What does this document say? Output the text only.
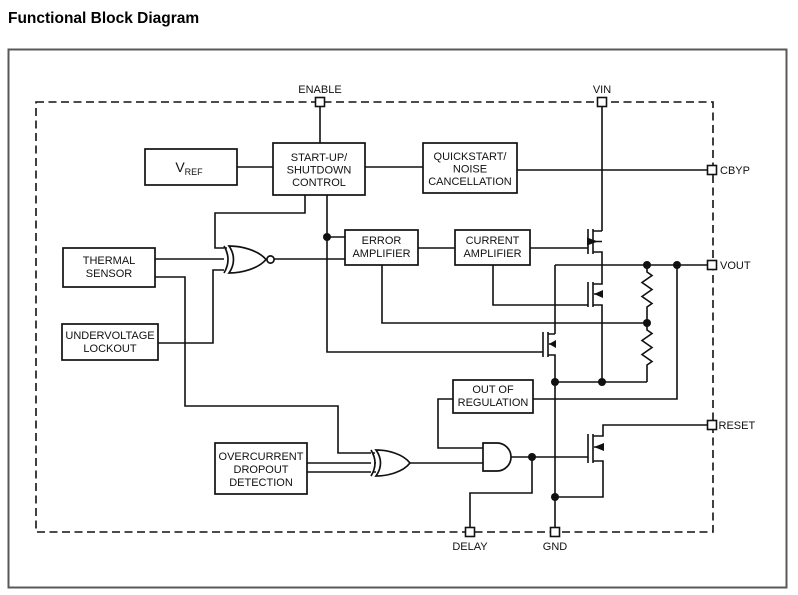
Functional Block Diagram
$V_{REF}$
START-UP/
SHUTDOWN
CONTROL
QUICKSTART/
NOISE
CANCELLATION
THERMAL
SENSOR
UNDERVOLTAGE
LOCKOUT
ERROR
AMPLIFIER
CURRENT
AMPLIFIER
OUT OF
REGULATION
OVERCURRENT
DROPOUT
DETECTION
ENABLE	VIN
CBYP
VOUT
RESET
DELAY	GND
